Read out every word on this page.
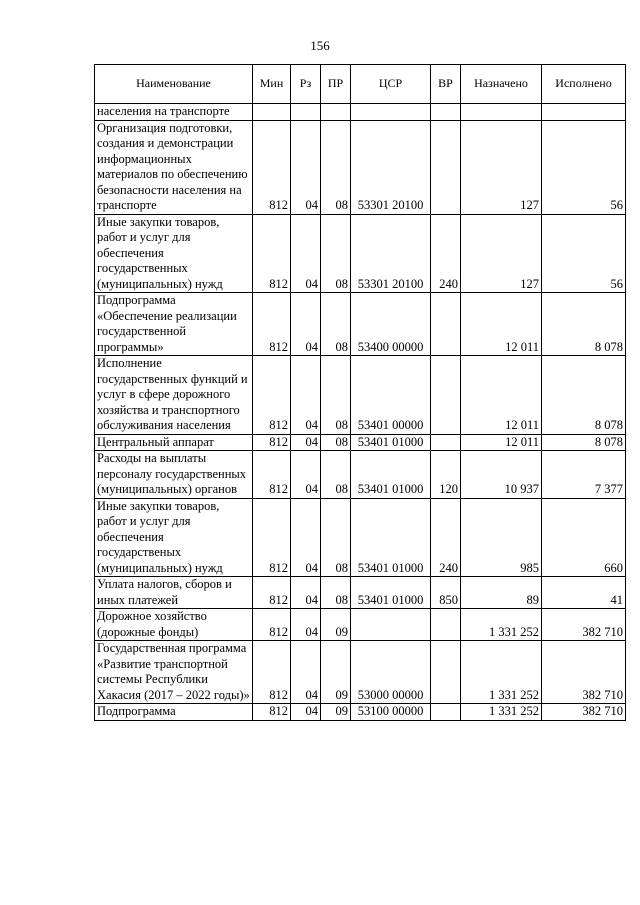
156
Наименование	Мин	Рз	ПР	ЦСР	ВР	Назначено	Исполнено
населения на транспорте							
Организация подготовки, создания и демонстрации информационных материалов по обеспечению безопасности населения на транспорте	812	04	08	53301 20100		127	56
Иные закупки товаров, работ и услуг для обеспечения государственных (муниципальных) нужд	812	04	08	53301 20100	240	127	56
Подпрограмма «Обеспечение реализации государственной программы»	812	04	08	53400 00000		12 011	8 078
Исполнение государственных функций и услуг в сфере дорожного хозяйства и транспортного обслуживания населения	812	04	08	53401 00000		12 011	8 078
Центральный аппарат	812	04	08	53401 01000		12 011	8 078
Расходы на выплаты персоналу государственных (муниципальных) органов	812	04	08	53401 01000	120	10 937	7 377
Иные закупки товаров, работ и услуг для обеспечения государственых (муниципальных) нужд	812	04	08	53401 01000	240	985	660
Уплата налогов, сборов и иных платежей	812	04	08	53401 01000	850	89	41
Дорожное хозяйство (дорожные фонды)	812	04	09			1 331 252	382 710
Государственная программа «Развитие транспортной системы Республики Хакасия (2017 – 2022 годы)»	812	04	09	53000 00000		1 331 252	382 710
Подпрограмма	812	04	09	53100 00000		1 331 252	382 710
